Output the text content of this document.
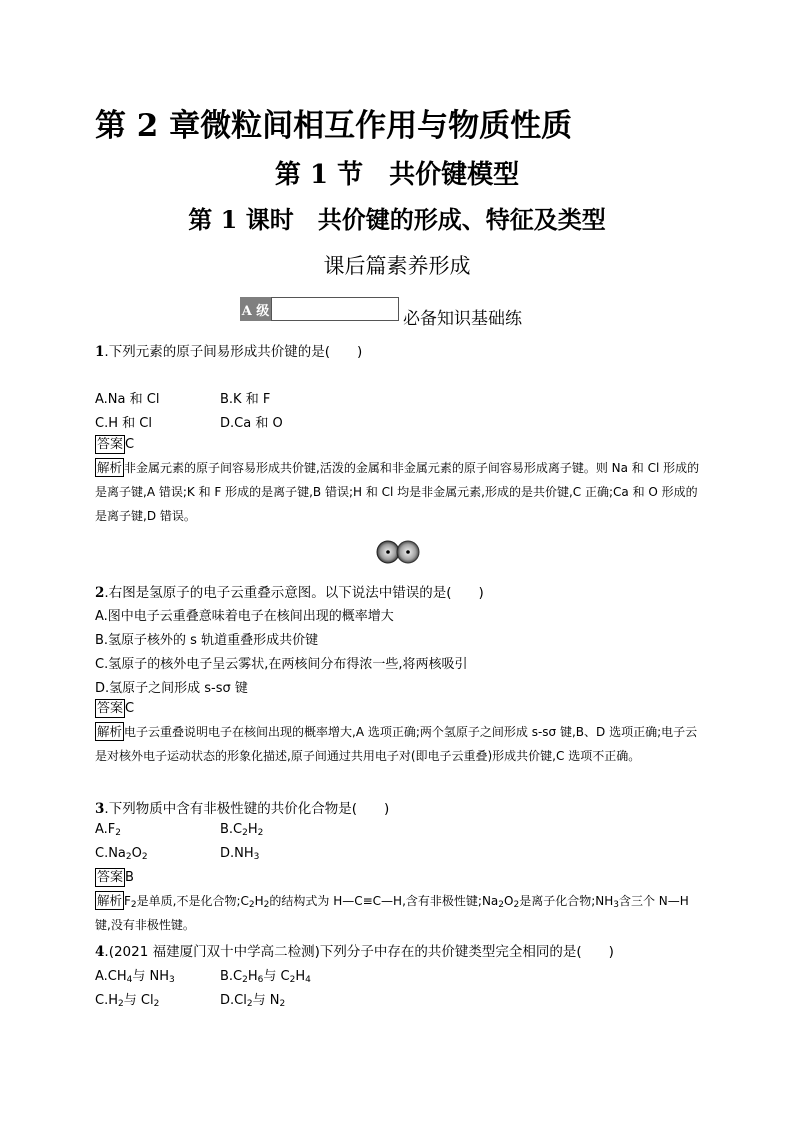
第 2 章微粒间相互作用与物质性质
第 1 节　共价键模型
第 1 课时　共价键的形成、特征及类型
课后篇素养形成
A 级	必备知识基础练
1.下列元素的原子间易形成共价键的是(　　)
A.Na 和 Cl	B.K 和 F
C.H 和 Cl	D.Ca 和 O
答案 C
解析 非金属元素的原子间容易形成共价键,活泼的金属和非金属元素的原子间容易形成离子键。则 Na 和 Cl 形成的是离子键,A 错误;K 和 F 形成的是离子键,B 错误;H 和 Cl 均是非金属元素,形成的是共价键,C 正确;Ca 和 O 形成的是离子键,D 错误。
2.右图是氢原子的电子云重叠示意图。以下说法中错误的是(　　)
A.图中电子云重叠意味着电子在核间出现的概率增大
B.氢原子核外的 s 轨道重叠形成共价键
C.氢原子的核外电子呈云雾状,在两核间分布得浓一些,将两核吸引
D.氢原子之间形成 s-sσ 键
答案 C
解析 电子云重叠说明电子在核间出现的概率增大,A 选项正确;两个氢原子之间形成 s-sσ 键,B、D 选项正确;电子云是对核外电子运动状态的形象化描述,原子间通过共用电子对(即电子云重叠)形成共价键,C 选项不正确。
3.下列物质中含有非极性键的共价化合物是(　　)
$A.F_2$	$B.C_2H_2$
$C.Na_2O_2$	$D.NH_3$
答案 B
解析 $F_2$是单质,不是化合物$;C_2H_2$的结构式为 H—C≡C—H,含有非极性键$;Na_2O_2$是离子化合物$;NH_3$含三个 N—H 键,没有非极性键。
4.(2021 福建厦门双十中学高二检测)下列分子中存在的共价键类型完全相同的是(　　)
$A.CH_4$与 $NH_3$	$B.C_2H_6$与 $C_2H_4$
$C.H_2$与 $Cl_2$	$D.Cl_2$与 $N_2$
